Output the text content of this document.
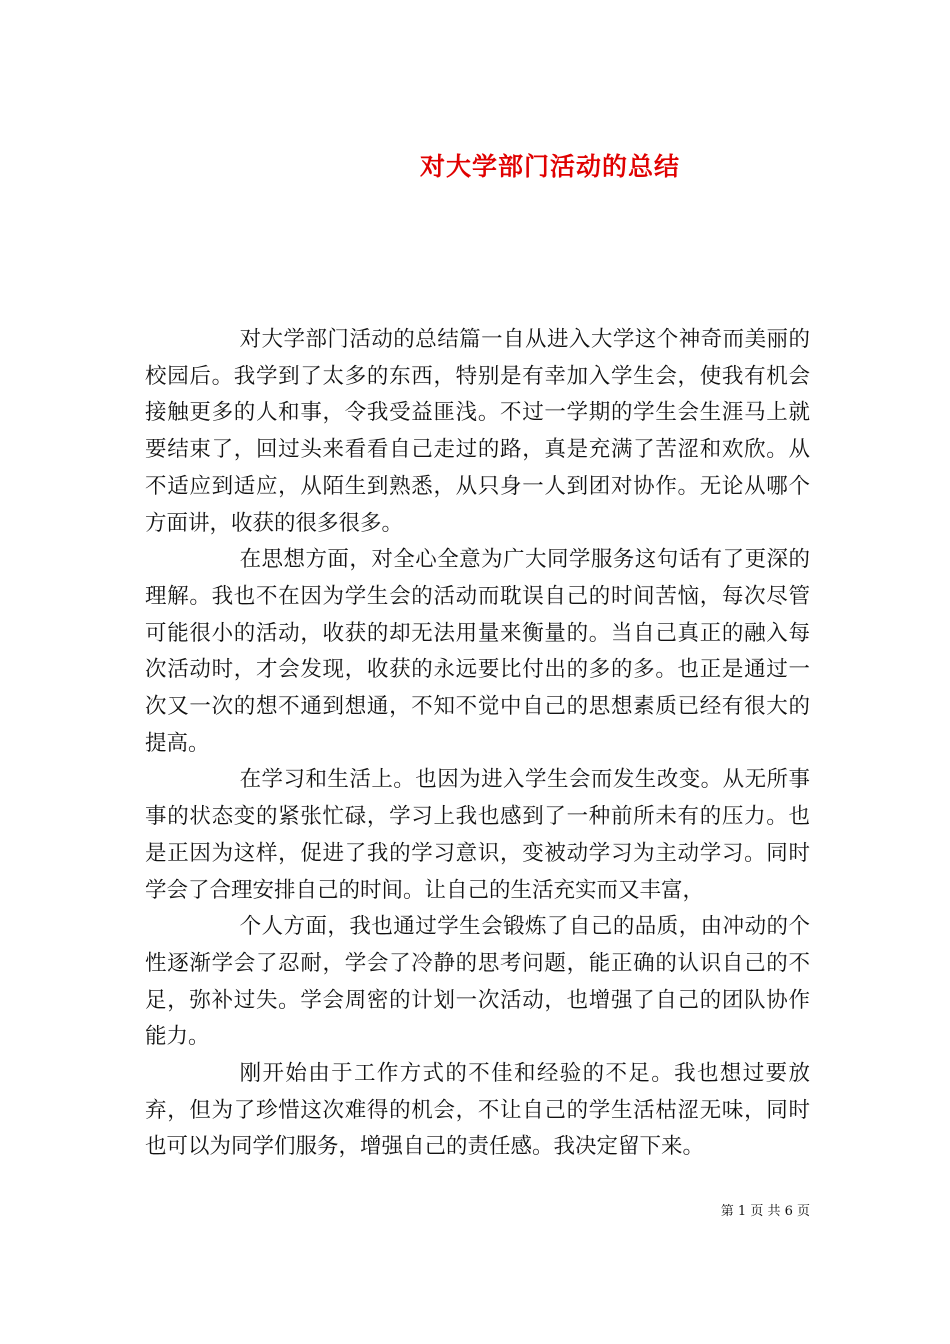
对大学部门活动的总结

对大学部门活动的总结篇一自从进入大学这个神奇而美丽的校园后。我学到了太多的东西，特别是有幸加入学生会，使我有机会接触更多的人和事，令我受益匪浅。不过一学期的学生会生涯马上就要结束了，回过头来看看自己走过的路，真是充满了苦涩和欢欣。从不适应到适应，从陌生到熟悉，从只身一人到团对协作。无论从哪个方面讲，收获的很多很多。

在思想方面，对全心全意为广大同学服务这句话有了更深的理解。我也不在因为学生会的活动而耽误自己的时间苦恼，每次尽管可能很小的活动，收获的却无法用量来衡量的。当自己真正的融入每次活动时，才会发现，收获的永远要比付出的多的多。也正是通过一次又一次的想不通到想通，不知不觉中自己的思想素质已经有很大的提高。

在学习和生活上。也因为进入学生会而发生改变。从无所事事的状态变的紧张忙碌，学习上我也感到了一种前所未有的压力。也是正因为这样，促进了我的学习意识，变被动学习为主动学习。同时学会了合理安排自己的时间。让自己的生活充实而又丰富，

个人方面，我也通过学生会锻炼了自己的品质，由冲动的个性逐渐学会了忍耐，学会了冷静的思考问题，能正确的认识自己的不足，弥补过失。学会周密的计划一次活动，也增强了自己的团队协作能力。

刚开始由于工作方式的不佳和经验的不足。我也想过要放弃，但为了珍惜这次难得的机会，不让自己的学生活枯涩无味，同时也可以为同学们服务，增强自己的责任感。我决定留下来。

第 1 页 共 6 页
